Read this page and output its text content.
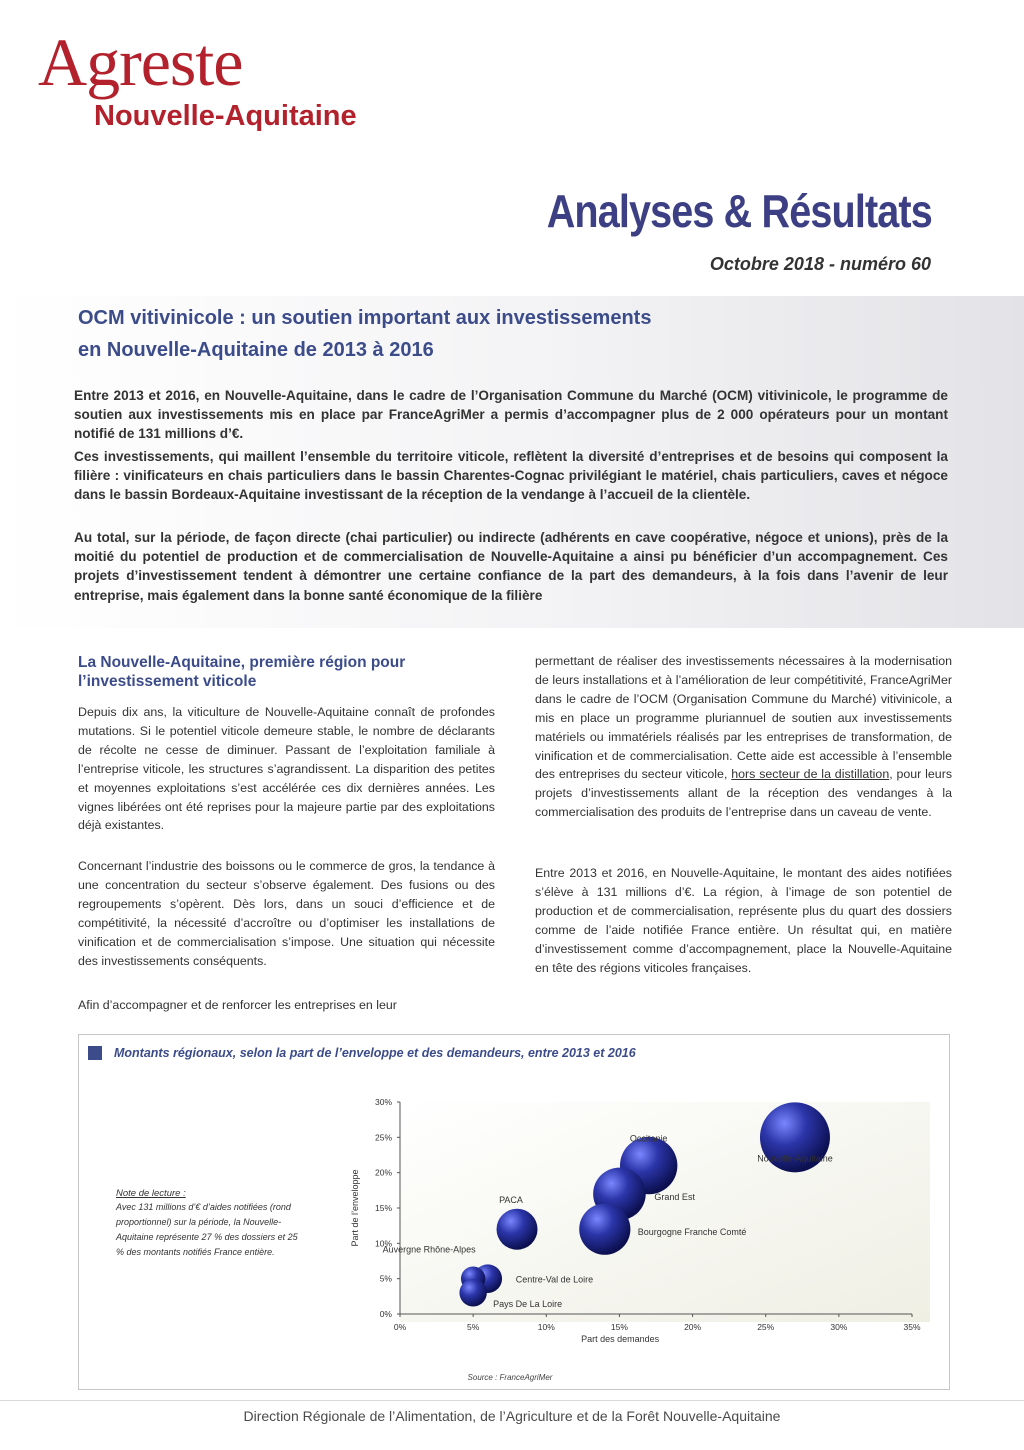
Agreste
Nouvelle-Aquitaine
Analyses & Résultats
Octobre 2018 - numéro 60
OCM vitivinicole : un soutien important aux investissements
en Nouvelle-Aquitaine de 2013 à 2016

Entre 2013 et 2016, en Nouvelle-Aquitaine, dans le cadre de l’Organisation Commune du Marché (OCM) vitivinicole, le programme de soutien aux investissements mis en place par FranceAgriMer a permis d’accompagner plus de 2 000 opérateurs pour un montant notifié de 131 millions d’€.

Ces investissements, qui maillent l’ensemble du territoire viticole, reflètent la diversité d’entreprises et de besoins qui composent la filière : vinificateurs en chais particuliers dans le bassin Charentes-Cognac privilégiant le matériel, chais particuliers, caves et négoce dans le bassin Bordeaux-Aquitaine investissant de la réception de la vendange à l’accueil de la clientèle.

Au total, sur la période, de façon directe (chai particulier) ou indirecte (adhérents en cave coopérative, négoce et unions), près de la moitié du potentiel de production et de commercialisation de Nouvelle-Aquitaine a ainsi pu bénéficier d’un accompagnement. Ces projets d’investissement tendent à démontrer une certaine confiance de la part des demandeurs, à la fois dans l’avenir de leur entreprise, mais également dans la bonne santé économique de la filière

La Nouvelle-Aquitaine, première région pour l’investissement viticole

Depuis dix ans, la viticulture de Nouvelle-Aquitaine connaît de profondes mutations. Si le potentiel viticole demeure stable, le nombre de déclarants de récolte ne cesse de diminuer. Passant de l’exploitation familiale à l’entreprise viticole, les structures s’agrandissent. La disparition des petites et moyennes exploitations s’est accélérée ces dix dernières années. Les vignes libérées ont été reprises pour la majeure partie par des exploitations déjà existantes.

Concernant l’industrie des boissons ou le commerce de gros, la tendance à une concentration du secteur s’observe également. Des fusions ou des regroupements s’opèrent. Dès lors, dans un souci d’efficience et de compétitivité, la nécessité d’accroître ou d’optimiser les installations de vinification et de commercialisation s’impose. Une situation qui nécessite des investissements conséquents.

Afin d’accompagner et de renforcer les entreprises en leur

permettant de réaliser des investissements nécessaires à la modernisation de leurs installations et à l’amélioration de leur compétitivité, FranceAgriMer dans le cadre de l’OCM (Organisation Commune du Marché) vitivinicole, a mis en place un programme pluriannuel de soutien aux investissements matériels ou immatériels réalisés par les entreprises de transformation, de vinification et de commercialisation. Cette aide est accessible à l’ensemble des entreprises du secteur viticole, hors secteur de la distillation, pour leurs projets d’investissements allant de la réception des vendanges à la commercialisation des produits de l’entreprise dans un caveau de vente.

Entre 2013 et 2016, en Nouvelle-Aquitaine, le montant des aides notifiées s’élève à 131 millions d’€. La région, à l’image de son potentiel de production et de commercialisation, représente plus du quart des dossiers comme de l’aide notifiée France entière. Un résultat qui, en matière d’investissement comme d’accompagnement, place la Nouvelle-Aquitaine en tête des régions viticoles françaises.

Montants régionaux, selon la part de l’enveloppe et des demandeurs, entre 2013 et 2016
Note de lecture :
Avec 131 millions d’€ d’aides notifiées (rond proportionnel) sur la période, la Nouvelle-Aquitaine représente 27 % des dossiers et 25 % des montants notifiés France entière.
0%
5%
10%
15%
20%
25%
30%
0%	5%	10%	15%	20%	25%	30%	35%
Part des demandes
Part de l’enveloppe
Nouvelle-Aquitaine
Occitanie
Grand Est
Bourgogne Franche Comté
PACA
Centre-Val de Loire
Auvergne Rhône-Alpes
Pays De La Loire
Source : FranceAgriMer
Direction Régionale de l’Alimentation, de l’Agriculture et de la Forêt Nouvelle-Aquitaine
